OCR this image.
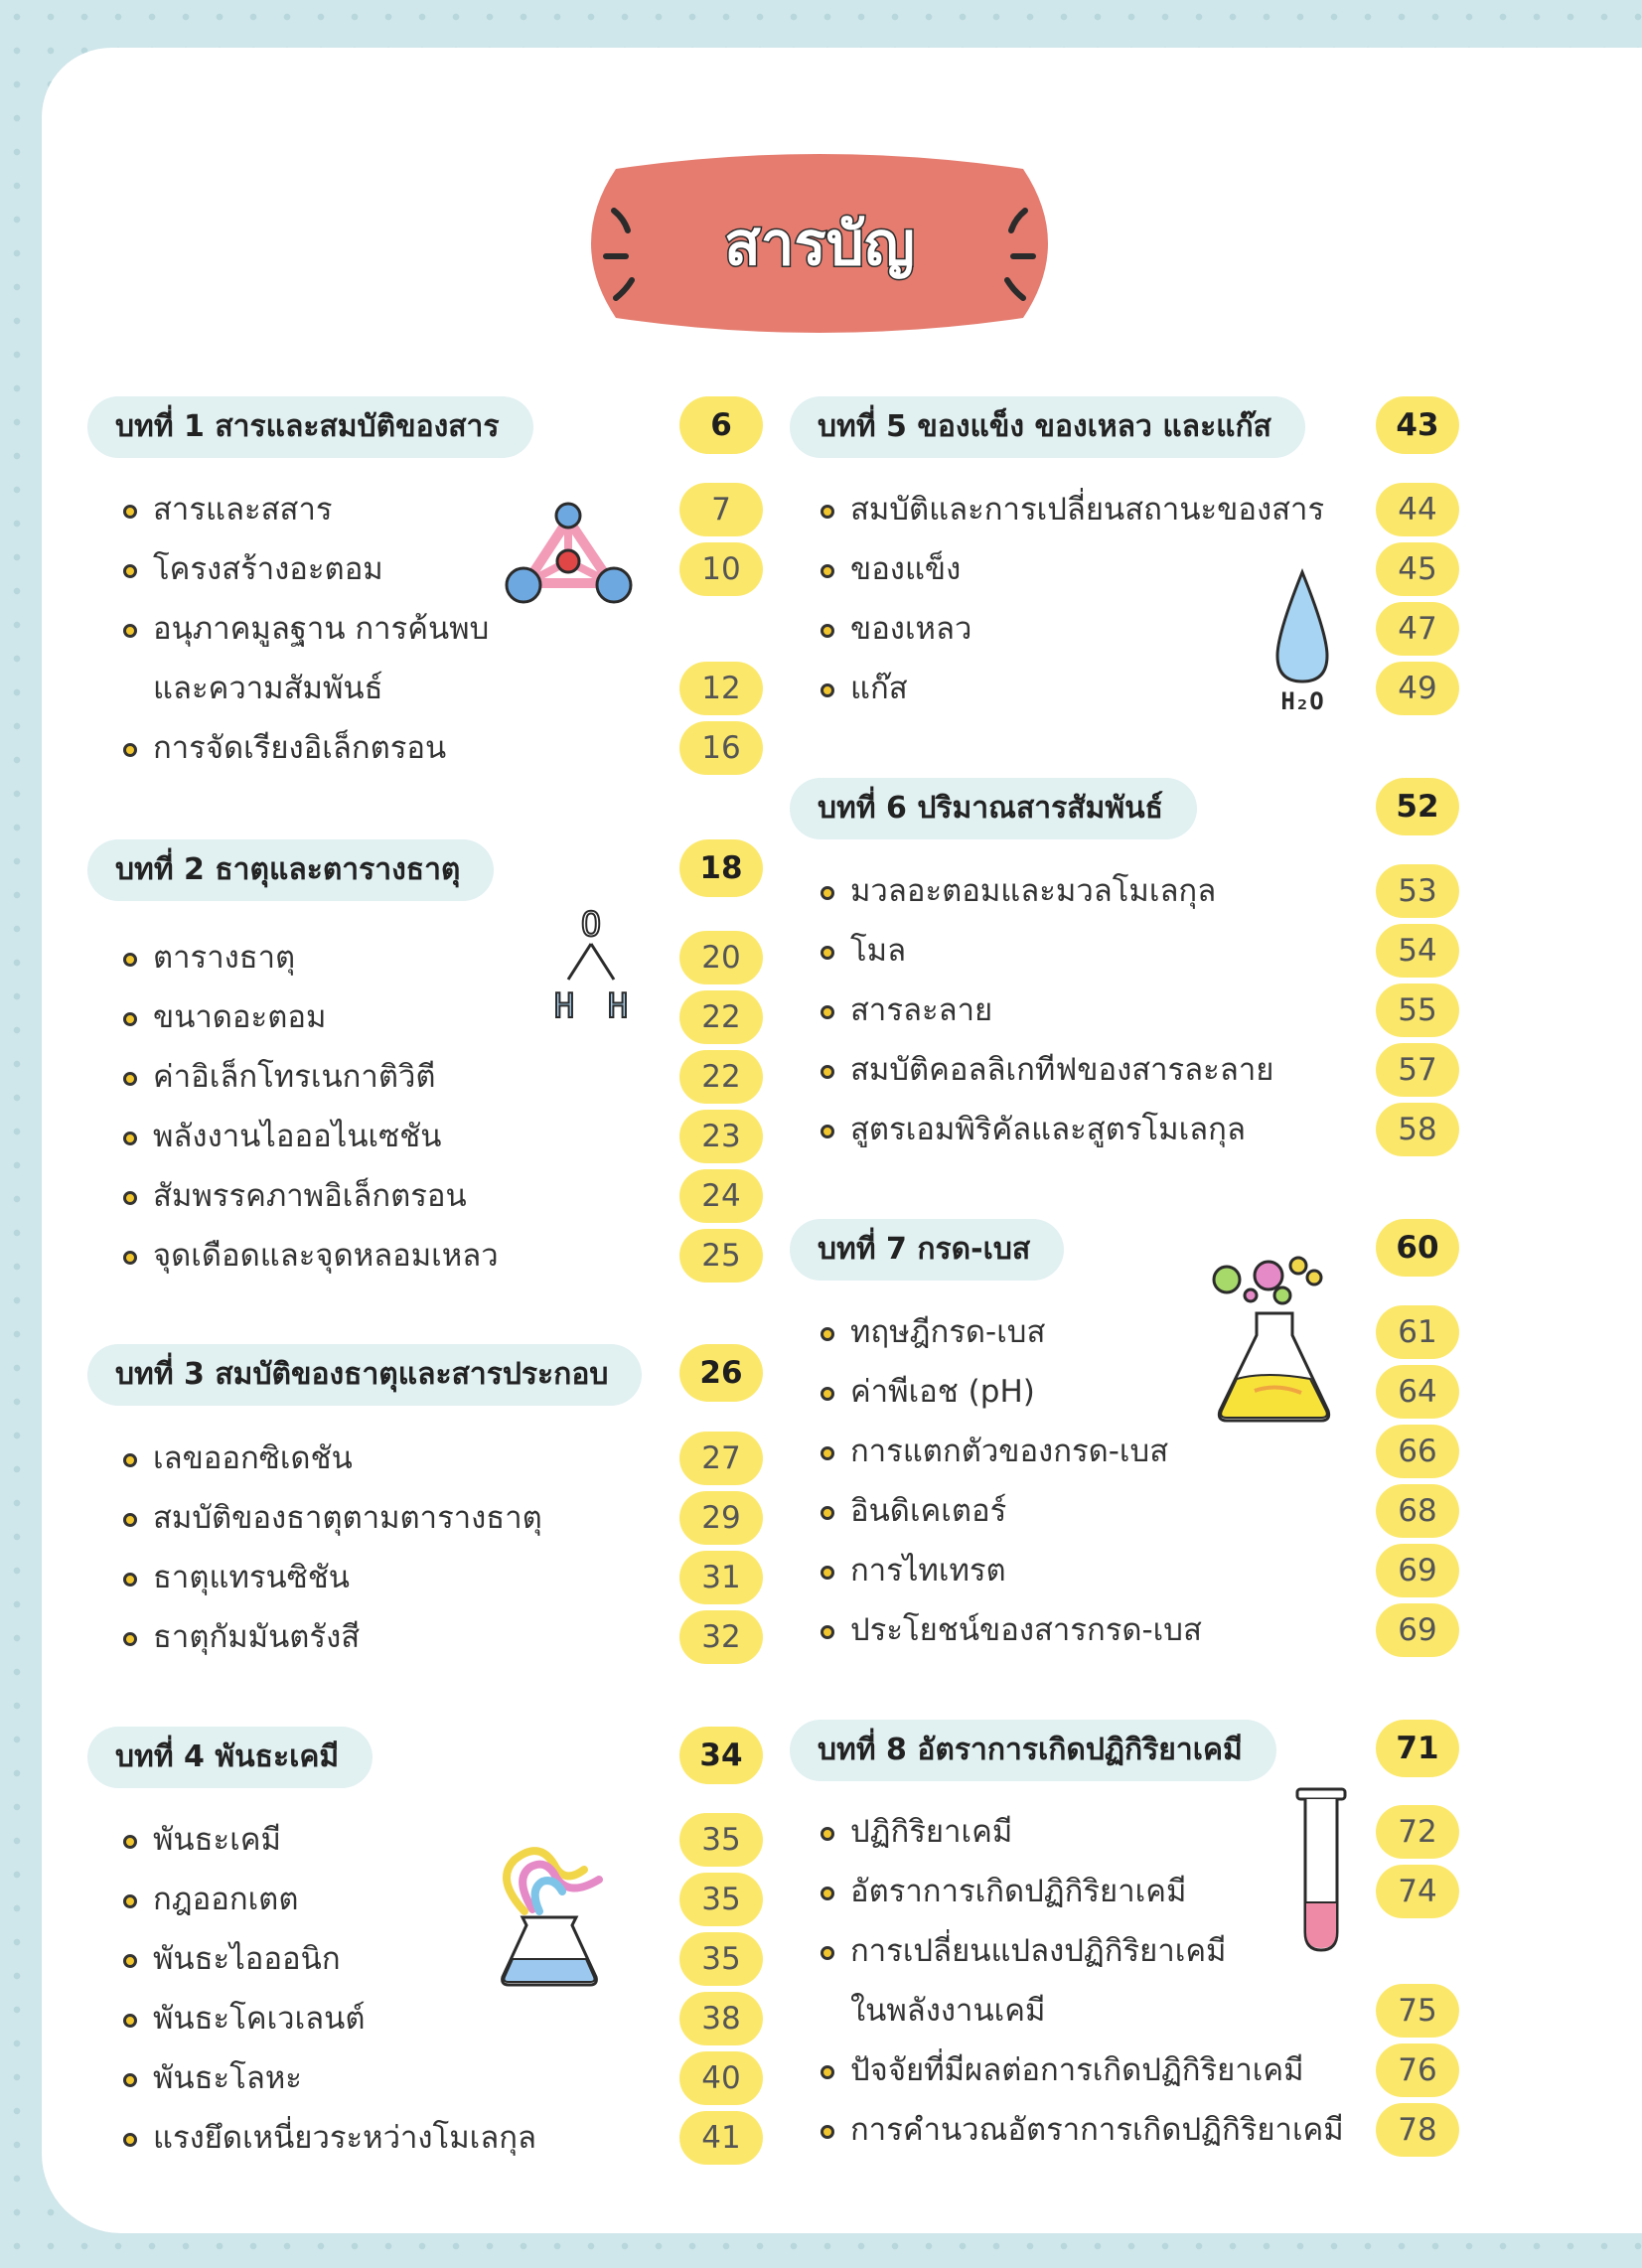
สารบัญ
บทที่ 1 สารและสมบัติของสาร	6
สารและสสาร	7
โครงสร้างอะตอม	10
อนุภาคมูลฐาน การค้นพบ
และความสัมพันธ์	12
การจัดเรียงอิเล็กตรอน	16
บทที่ 2 ธาตุและตารางธาตุ	18
ตารางธาตุ	20
ขนาดอะตอม	22
ค่าอิเล็กโทรเนกาติวิตี	22
พลังงานไอออไนเซชัน	23
สัมพรรคภาพอิเล็กตรอน	24
จุดเดือดและจุดหลอมเหลว	25
O
H H
บทที่ 3 สมบัติของธาตุและสารประกอบ	26
เลขออกซิเดชัน	27
สมบัติของธาตุตามตารางธาตุ	29
ธาตุแทรนซิชัน	31
ธาตุกัมมันตรังสี	32
บทที่ 4 พันธะเคมี	34
พันธะเคมี	35
กฎออกเตต	35
พันธะไอออนิก	35
พันธะโคเวเลนต์	38
พันธะโลหะ	40
แรงยึดเหนี่ยวระหว่างโมเลกุล	41
บทที่ 5 ของแข็ง ของเหลว และแก๊ส	43
สมบัติและการเปลี่ยนสถานะของสาร	44
ของแข็ง	45
ของเหลว	47
แก๊ส	49
H₂O
บทที่ 6 ปริมาณสารสัมพันธ์	52
มวลอะตอมและมวลโมเลกุล	53
โมล	54
สารละลาย	55
สมบัติคอลลิเกทีฟของสารละลาย	57
สูตรเอมพิริคัลและสูตรโมเลกุล	58
บทที่ 7 กรด-เบส	60
ทฤษฎีกรด-เบส	61
ค่าพีเอช (pH)	64
การแตกตัวของกรด-เบส	66
อินดิเคเตอร์	68
การไทเทรต	69
ประโยชน์ของสารกรด-เบส	69
บทที่ 8 อัตราการเกิดปฏิกิริยาเคมี	71
ปฏิกิริยาเคมี	72
อัตราการเกิดปฏิกิริยาเคมี	74
การเปลี่ยนแปลงปฏิกิริยาเคมี
ในพลังงานเคมี	75
ปัจจัยที่มีผลต่อการเกิดปฏิกิริยาเคมี	76
การคำนวณอัตราการเกิดปฏิกิริยาเคมี	78
